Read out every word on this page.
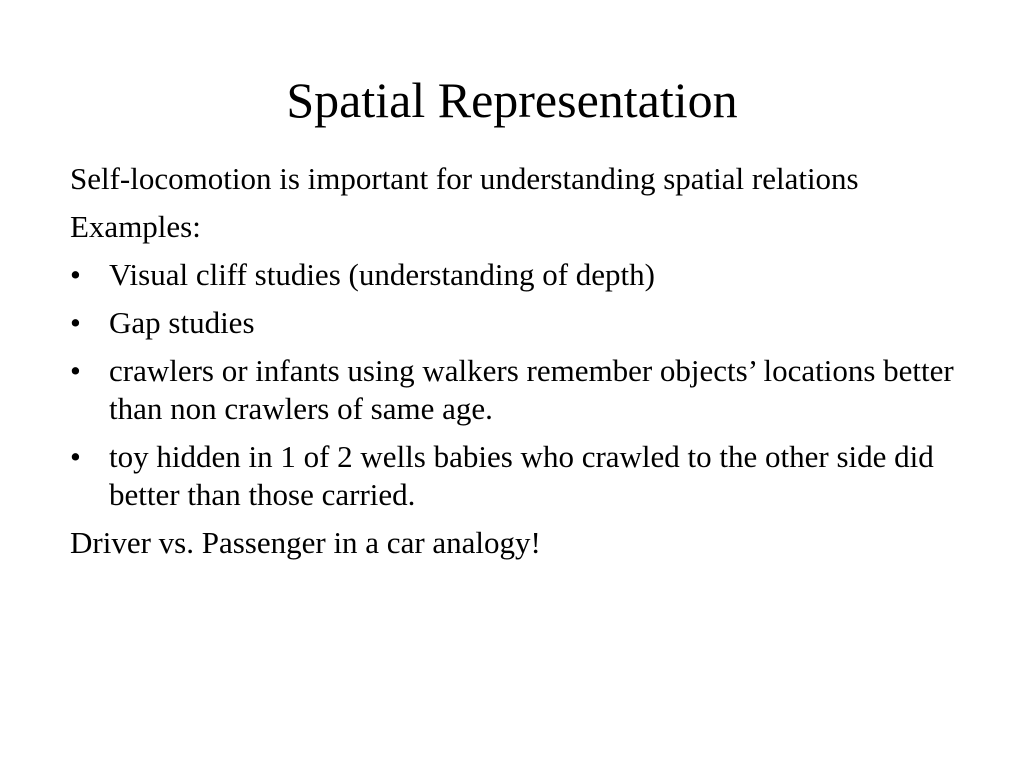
Spatial Representation

Self-locomotion is important for understanding spatial relations

Examples:

• Visual cliff studies (understanding of depth)
• Gap studies
• crawlers or infants using walkers remember objects’ locations better than non crawlers of same age.
• toy hidden in 1 of 2 wells babies who crawled to the other side did better than those carried.

Driver vs. Passenger in a car analogy!
